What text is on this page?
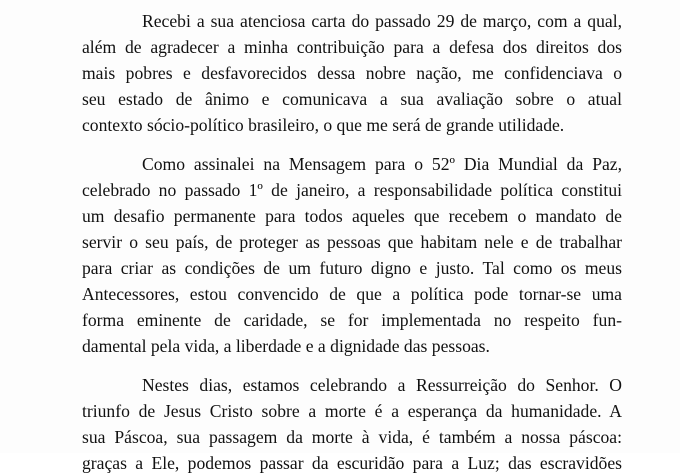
Recebi a sua atenciosa carta do passado 29 de março, com a qual,
além de agradecer a minha contribuição para a defesa dos direitos dos
mais pobres e desfavorecidos dessa nobre nação, me confidenciava o
seu estado de ânimo e comunicava a sua avaliação sobre o atual
contexto sócio-político brasileiro, o que me será de grande utilidade.
Como assinalei na Mensagem para o 52º Dia Mundial da Paz,
celebrado no passado 1º de janeiro, a responsabilidade política constitui
um desafio permanente para todos aqueles que recebem o mandato de
servir o seu país, de proteger as pessoas que habitam nele e de trabalhar
para criar as condições de um futuro digno e justo. Tal como os meus
Antecessores, estou convencido de que a política pode tornar-se uma
forma eminente de caridade, se for implementada no respeito fun-
damental pela vida, a liberdade e a dignidade das pessoas.
Nestes dias, estamos celebrando a Ressurreição do Senhor. O
triunfo de Jesus Cristo sobre a morte é a esperança da humanidade. A
sua Páscoa, sua passagem da morte à vida, é também a nossa páscoa:
graças a Ele, podemos passar da escuridão para a Luz; das escravidões
